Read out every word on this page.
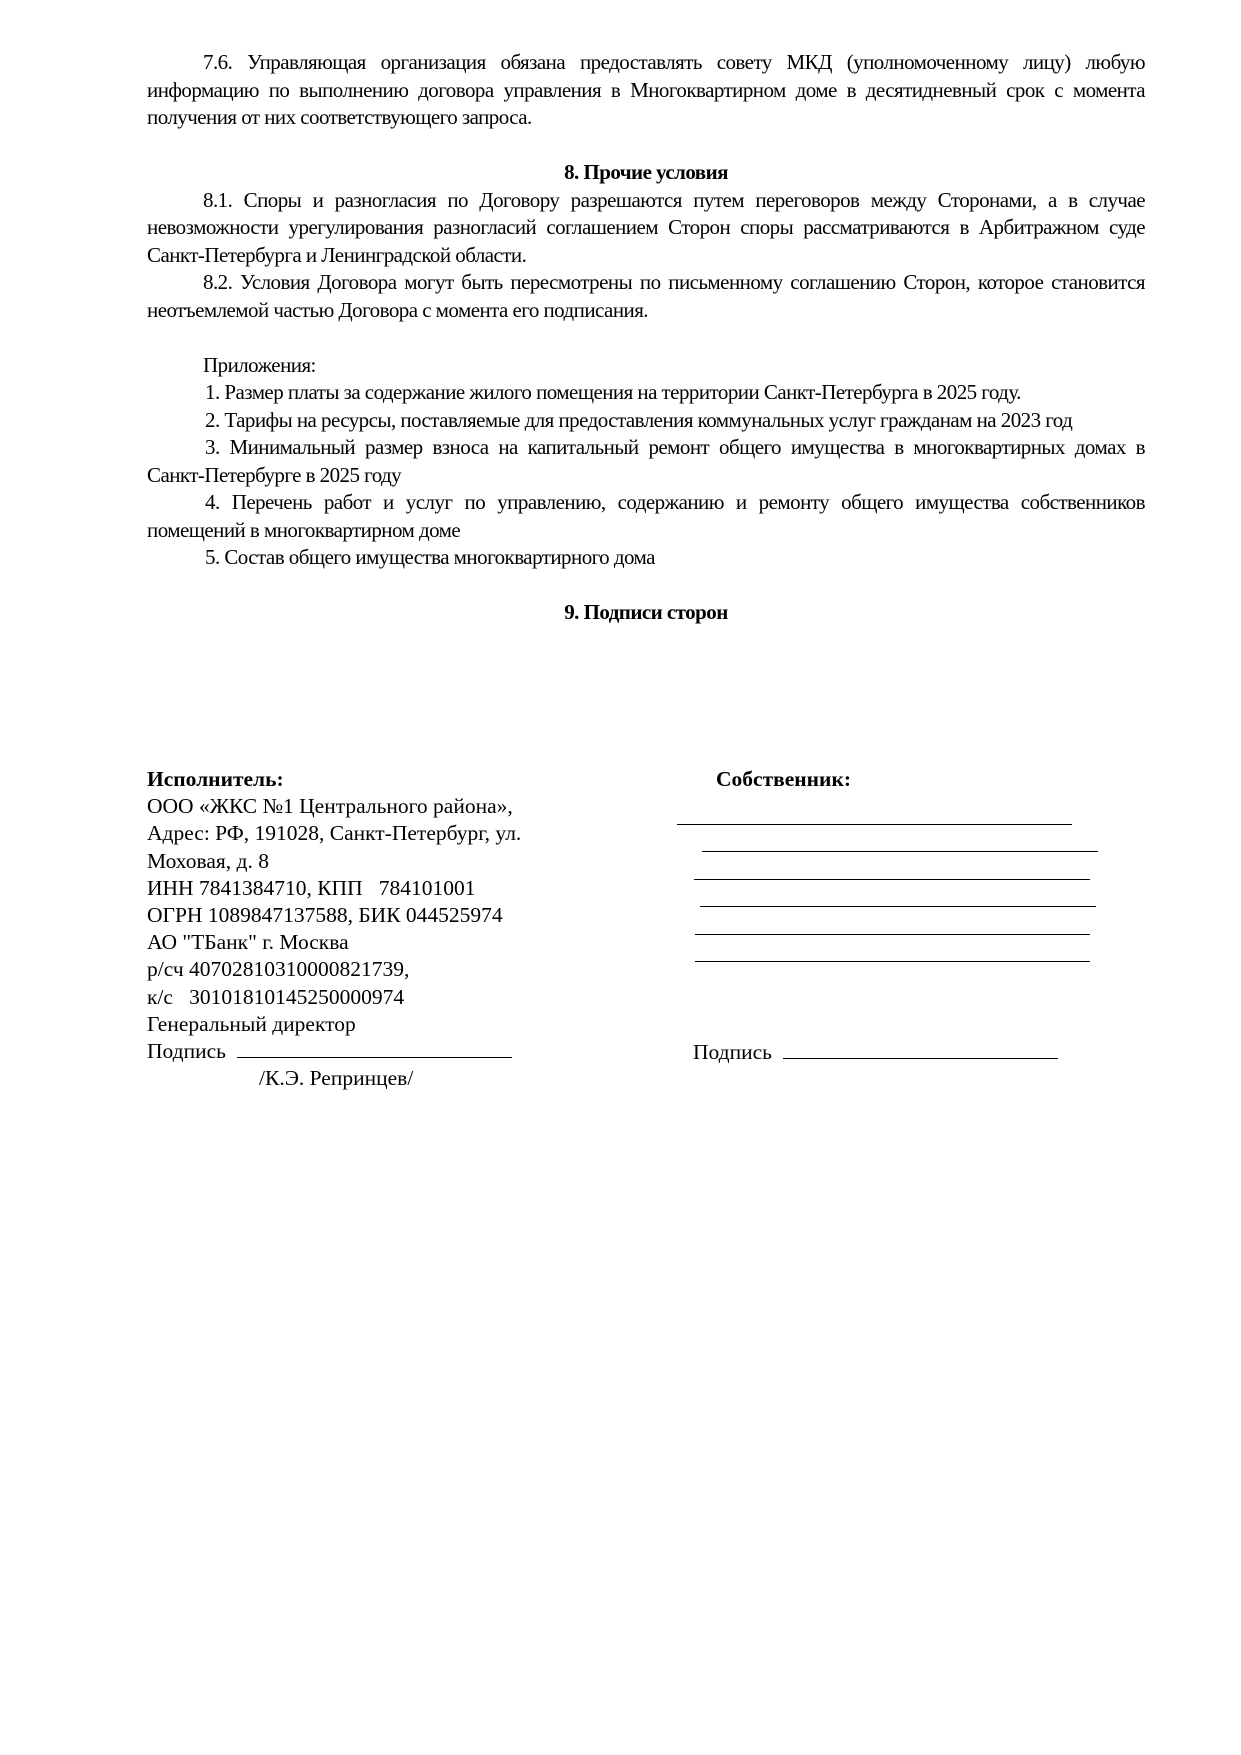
7.6. Управляющая организация обязана предоставлять совету МКД (уполномоченному лицу) любую информацию по выполнению договора управления в Многоквартирном доме в десятидневный срок с момента получения от них соответствующего запроса.

8. Прочие условия

8.1. Споры и разногласия по Договору разрешаются путем переговоров между Сторонами, а в случае невозможности урегулирования разногласий соглашением Сторон споры рассматриваются в Арбитражном суде Санкт-Петербурга и Ленинградской области.

8.2. Условия Договора могут быть пересмотрены по письменному соглашению Сторон, которое становится неотъемлемой частью Договора с момента его подписания.

Приложения:

1. Размер платы за содержание жилого помещения на территории Санкт-Петербурга в 2025 году.

2. Тарифы на ресурсы, поставляемые для предоставления коммунальных услуг гражданам на 2023 год

3. Минимальный размер взноса на капитальный ремонт общего имущества в многоквартирных домах в Санкт-Петербурге в 2025 году

4. Перечень работ и услуг по управлению, содержанию и ремонту общего имущества собственников помещений в многоквартирном доме

5. Состав общего имущества многоквартирного дома

9. Подписи сторон

Исполнитель:
ООО «ЖКС №1 Центрального района»,
Адрес: РФ, 191028, Санкт-Петербург, ул.
Моховая, д. 8
ИНН 7841384710, КПП   784101001
ОГРН 1089847137588, БИК 044525974
АО "ТБанк" г. Москва
р/сч 40702810310000821739,
к/с   30101810145250000974
Генеральный директор
Подпись
/К.Э. Репринцев/
Собственник:
Подпись
